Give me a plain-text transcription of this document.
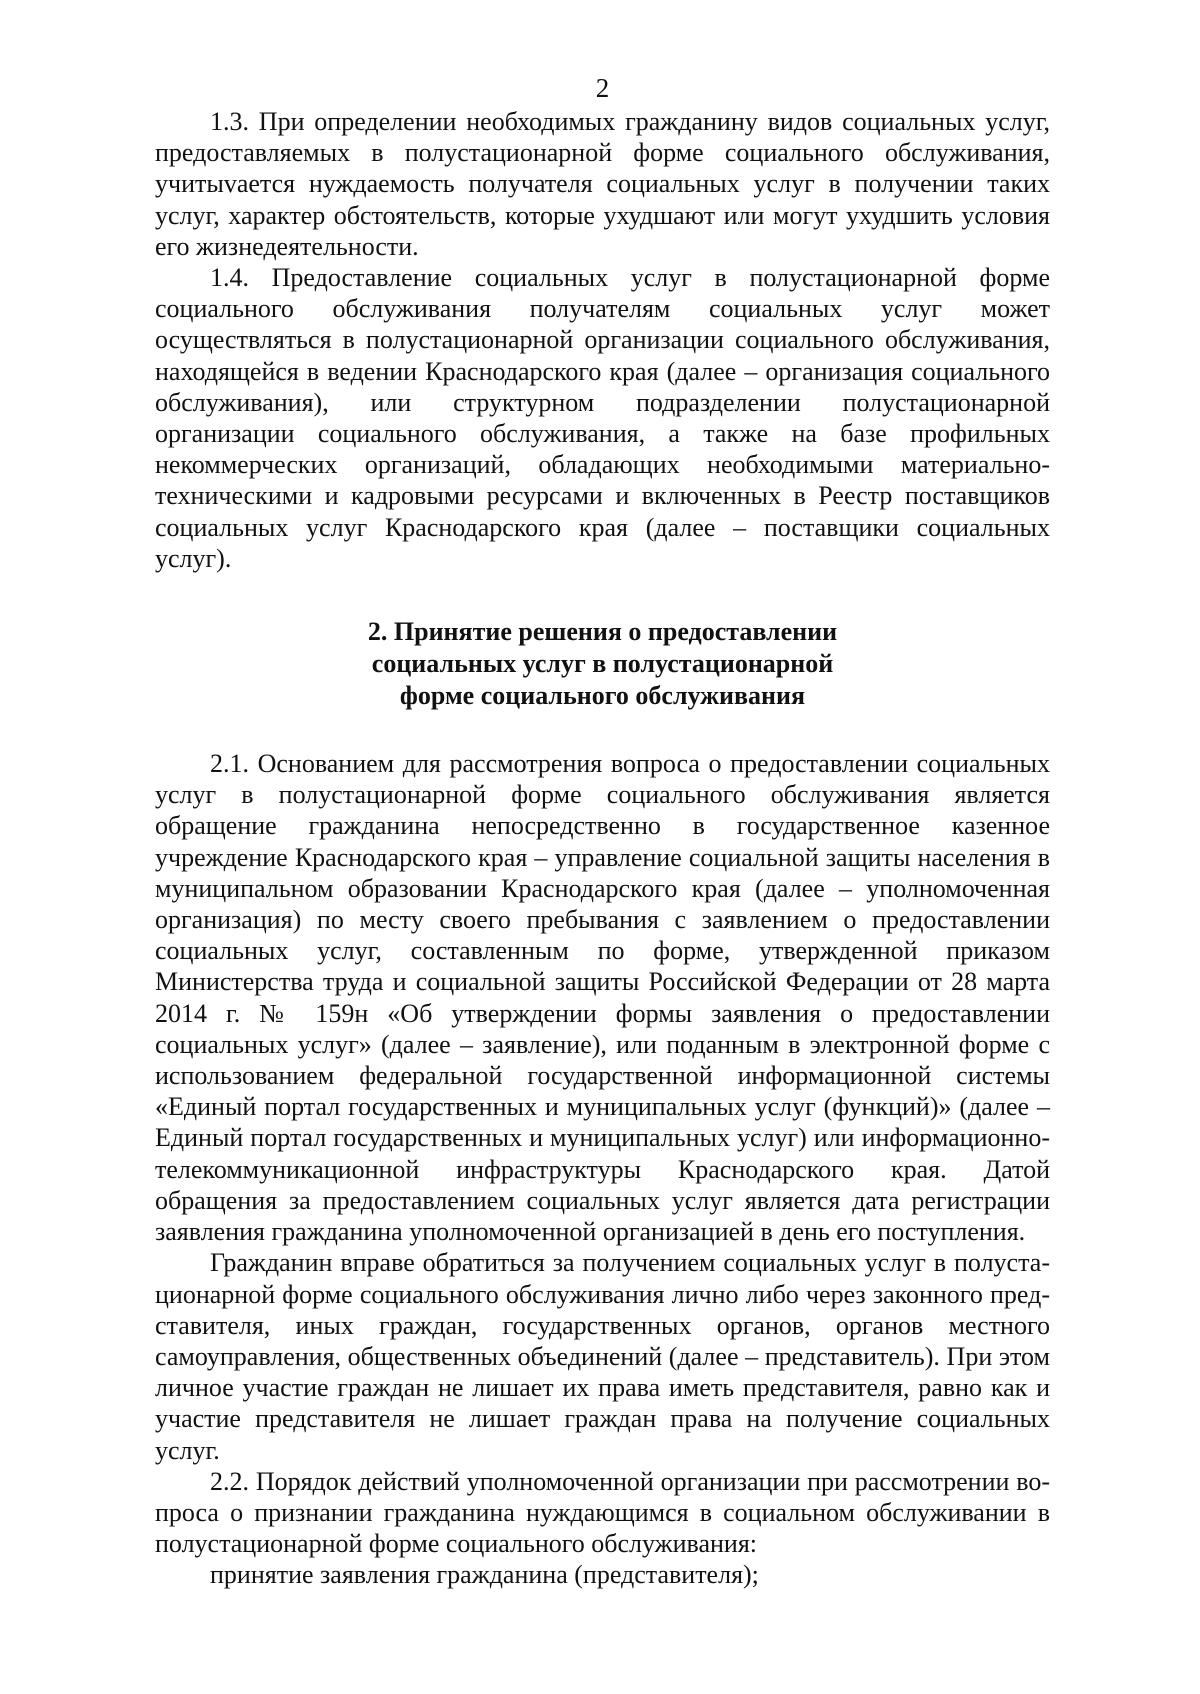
2

1.3. При определении необходимых гражданину видов социальных услуг, предоставляемых в полустационарной форме социального обслуживания, учитыvается нуждаемость получателя социальных услуг в получении таких услуг, характер обстоятельств, которые ухудшают или могут ухудшить условия его жизнедеятельности.

1.4. Предоставление социальных услуг в полустационарной форме социального обслуживания получателям социальных услуг может осуществляться в полустационарной организации социального обслуживания, находящейся в ведении Краснодарского края (далее – организация социального обслуживания), или структурном подразделении полустационарной организации социального обслуживания, а также на базе профильных некоммерческих организаций, обладающих необходимыми материально-техническими и кадровыми ресурсами и включенных в Реестр поставщиков социальных услуг Краснодарского края (далее – поставщики социальных услуг).

2. Принятие решения о предоставлении
социальных услуг в полустационарной
форме социального обслуживания

2.1. Основанием для рассмотрения вопроса о предоставлении социальных услуг в полустационарной форме социального обслуживания является обращение гражданина непосредственно в государственное казенное учреждение Краснодарского края – управление социальной защиты населения в муниципальном образовании Краснодарского края (далее – уполномоченная организация) по месту своего пребывания с заявлением о предоставлении социальных услуг, составленным по форме, утвержденной приказом Министерства труда и социальной защиты Российской Федерации от 28 марта 2014 г. № 159н «Об утверждении формы заявления о предоставлении социальных услуг» (далее – заявление), или поданным в электронной форме с использованием федеральной государственной информационной системы «Единый портал государственных и муниципальных услуг (функций)» (далее – Единый портал государственных и муниципальных услуг) или информационно-телекоммуникационной инфраструктуры Краснодарского края. Датой обращения за предоставлением социальных услуг является дата регистрации заявления гражданина уполномоченной организацией в день его поступления.

Гражданин вправе обратиться за получением социальных услуг в полустационарной форме социального обслуживания лично либо через законного представителя, иных граждан, государственных органов, органов местного самоуправления, общественных объединений (далее – представитель). При этом личное участие граждан не лишает их права иметь представителя, равно как и участие представителя не лишает граждан права на получение социальных услуг.

2.2. Порядок действий уполномоченной организации при рассмотрении вопроса о признании гражданина нуждающимся в социальном обслуживании в полустационарной форме социального обслуживания:

принятие заявления гражданина (представителя);
